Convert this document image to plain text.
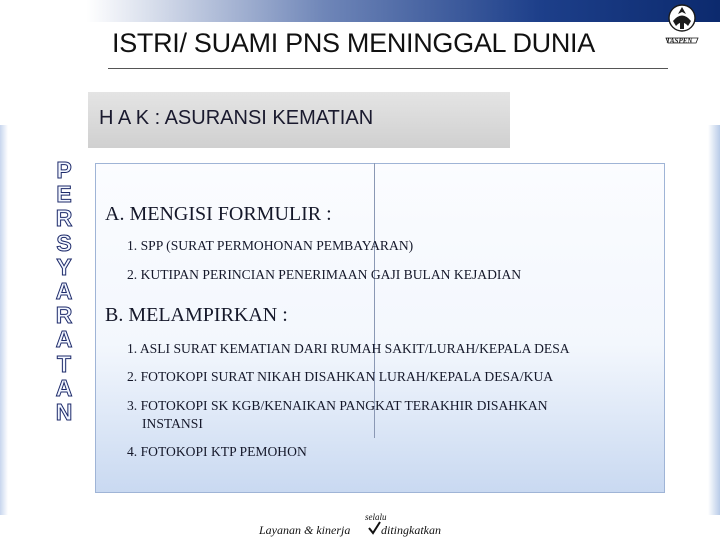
TASPEN
ISTRI/ SUAMI PNS MENINGGAL DUNIA
H A K : ASURANSI KEMATIAN
P
E
R
S
Y
A
R
A
T
A
N
A. MENGISI FORMULIR :
1. SPP (SURAT PERMOHONAN PEMBAYARAN)
2. KUTIPAN PERINCIAN PENERIMAAN GAJI BULAN KEJADIAN
B. MELAMPIRKAN :
1. ASLI SURAT KEMATIAN DARI RUMAH SAKIT/LURAH/KEPALA DESA
2. FOTOKOPI SURAT NIKAH DISAHKAN LURAH/KEPALA DESA/KUA
3. FOTOKOPI SK KGB/KENAIKAN PANGKAT TERAKHIR DISAHKAN
INSTANSI
4. FOTOKOPI KTP PEMOHON
selalu
Layanan & kinerja	ditingkatkan
